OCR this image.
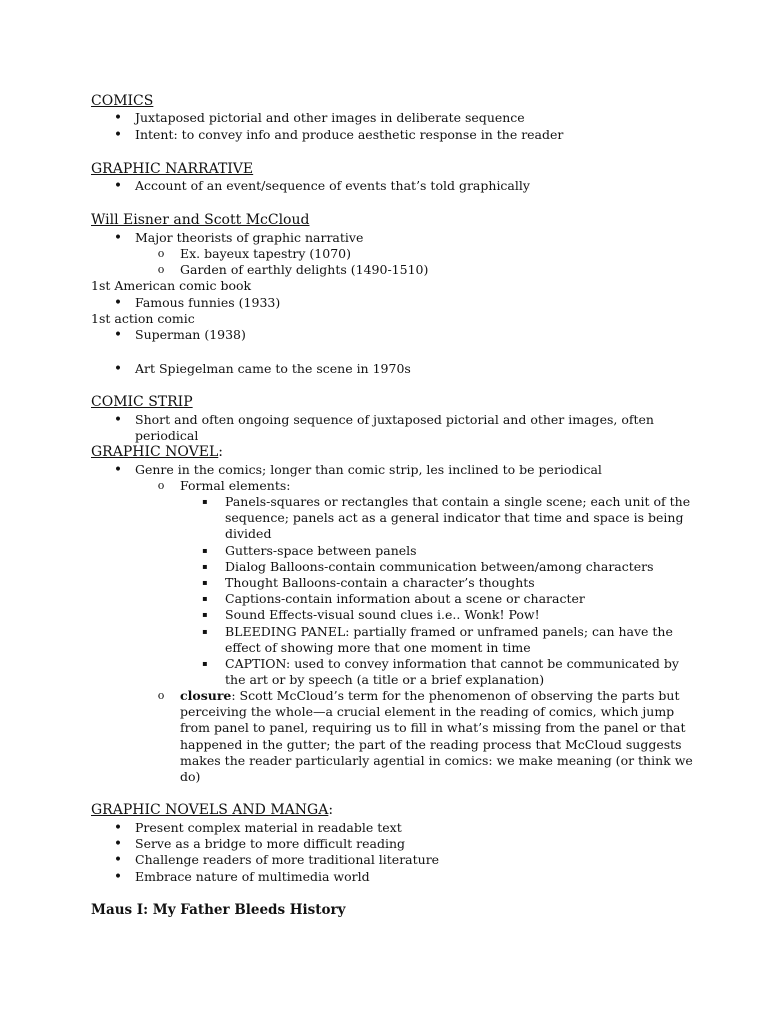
COMICS
• Juxtaposed pictorial and other images in deliberate sequence
• Intent: to convey info and produce aesthetic response in the reader
GRAPHIC NARRATIVE
• Account of an event/sequence of events that’s told graphically
Will Eisner and Scott McCloud
• Major theorists of graphic narrative
o Ex. bayeux tapestry (1070)
o Garden of earthly delights (1490-1510)
1st American comic book
• Famous funnies (1933)
1st action comic
• Superman (1938)
• Art Spiegelman came to the scene in 1970s
COMIC STRIP
• Short and often ongoing sequence of juxtaposed pictorial and other images, often
periodical
GRAPHIC NOVEL:
• Genre in the comics; longer than comic strip, les inclined to be periodical
o Formal elements:
▪ Panels-squares or rectangles that contain a single scene; each unit of the
sequence; panels act as a general indicator that time and space is being
divided
▪ Gutters-space between panels
▪ Dialog Balloons-contain communication between/among characters
▪ Thought Balloons-contain a character’s thoughts
▪ Captions-contain information about a scene or character
▪ Sound Effects-visual sound clues i.e.. Wonk! Pow!
▪ BLEEDING PANEL: partially framed or unframed panels; can have the
effect of showing more that one moment in time
▪ CAPTION: used to convey information that cannot be communicated by
the art or by speech (a title or a brief explanation)
o closure: Scott McCloud’s term for the phenomenon of observing the parts but
perceiving the whole—a crucial element in the reading of comics, which jump
from panel to panel, requiring us to fill in what’s missing from the panel or that
happened in the gutter; the part of the reading process that McCloud suggests
makes the reader particularly agential in comics: we make meaning (or think we
do)
GRAPHIC NOVELS AND MANGA:
• Present complex material in readable text
• Serve as a bridge to more difficult reading
• Challenge readers of more traditional literature
• Embrace nature of multimedia world
Maus I: My Father Bleeds History
